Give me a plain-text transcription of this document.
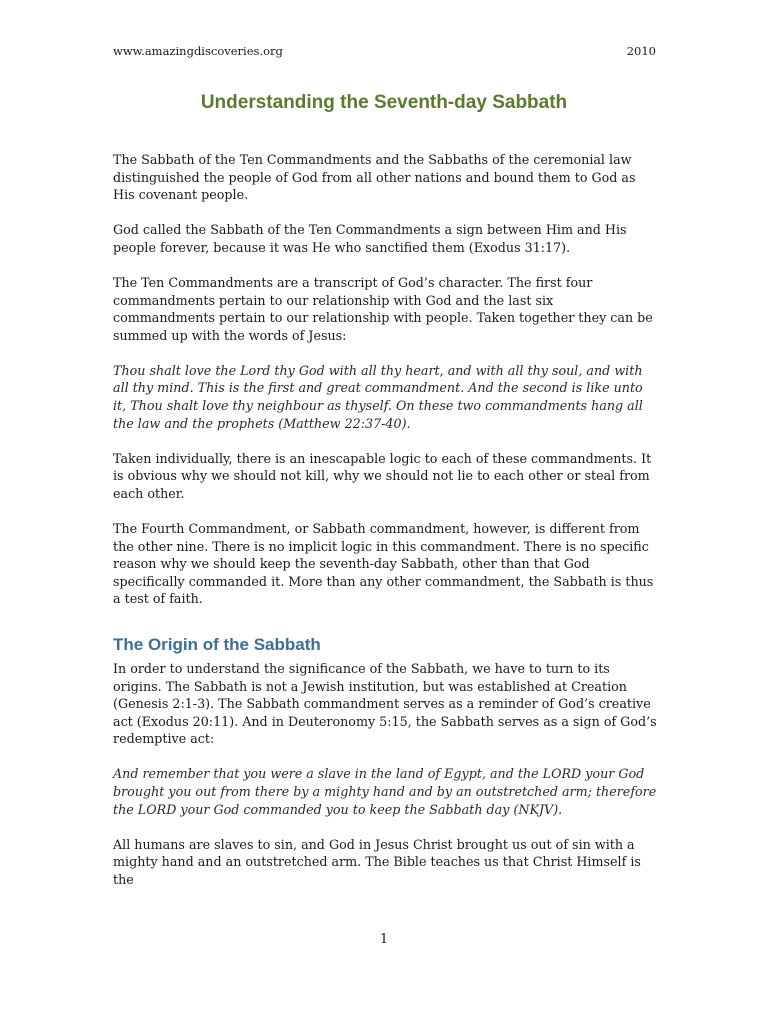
www.amazingdiscoveries.org	2010
Understanding the Seventh-day Sabbath

The Sabbath of the Ten Commandments and the Sabbaths of the ceremonial law distinguished the people of God from all other nations and bound them to God as His covenant people.

God called the Sabbath of the Ten Commandments a sign between Him and His people forever, because it was He who sanctified them (Exodus 31:17).

The Ten Commandments are a transcript of God’s character. The first four commandments pertain to our relationship with God and the last six commandments pertain to our relationship with people. Taken together they can be summed up with the words of Jesus:

Thou shalt love the Lord thy God with all thy heart, and with all thy soul, and with all thy mind. This is the first and great commandment. And the second is like unto it, Thou shalt love thy neighbour as thyself. On these two commandments hang all the law and the prophets (Matthew 22:37-40).

Taken individually, there is an inescapable logic to each of these commandments. It is obvious why we should not kill, why we should not lie to each other or steal from each other.

The Fourth Commandment, or Sabbath commandment, however, is different from the other nine. There is no implicit logic in this commandment. There is no specific reason why we should keep the seventh-day Sabbath, other than that God specifically commanded it. More than any other commandment, the Sabbath is thus a test of faith.

The Origin of the Sabbath

In order to understand the significance of the Sabbath, we have to turn to its origins. The Sabbath is not a Jewish institution, but was established at Creation (Genesis 2:1-3). The Sabbath commandment serves as a reminder of God’s creative act (Exodus 20:11). And in Deuteronomy 5:15, the Sabbath serves as a sign of God’s redemptive act:

And remember that you were a slave in the land of Egypt, and the LORD your God brought you out from there by a mighty hand and by an outstretched arm; therefore the LORD your God commanded you to keep the Sabbath day (NKJV).

All humans are slaves to sin, and God in Jesus Christ brought us out of sin with a mighty hand and an outstretched arm. The Bible teaches us that Christ Himself is the

1
